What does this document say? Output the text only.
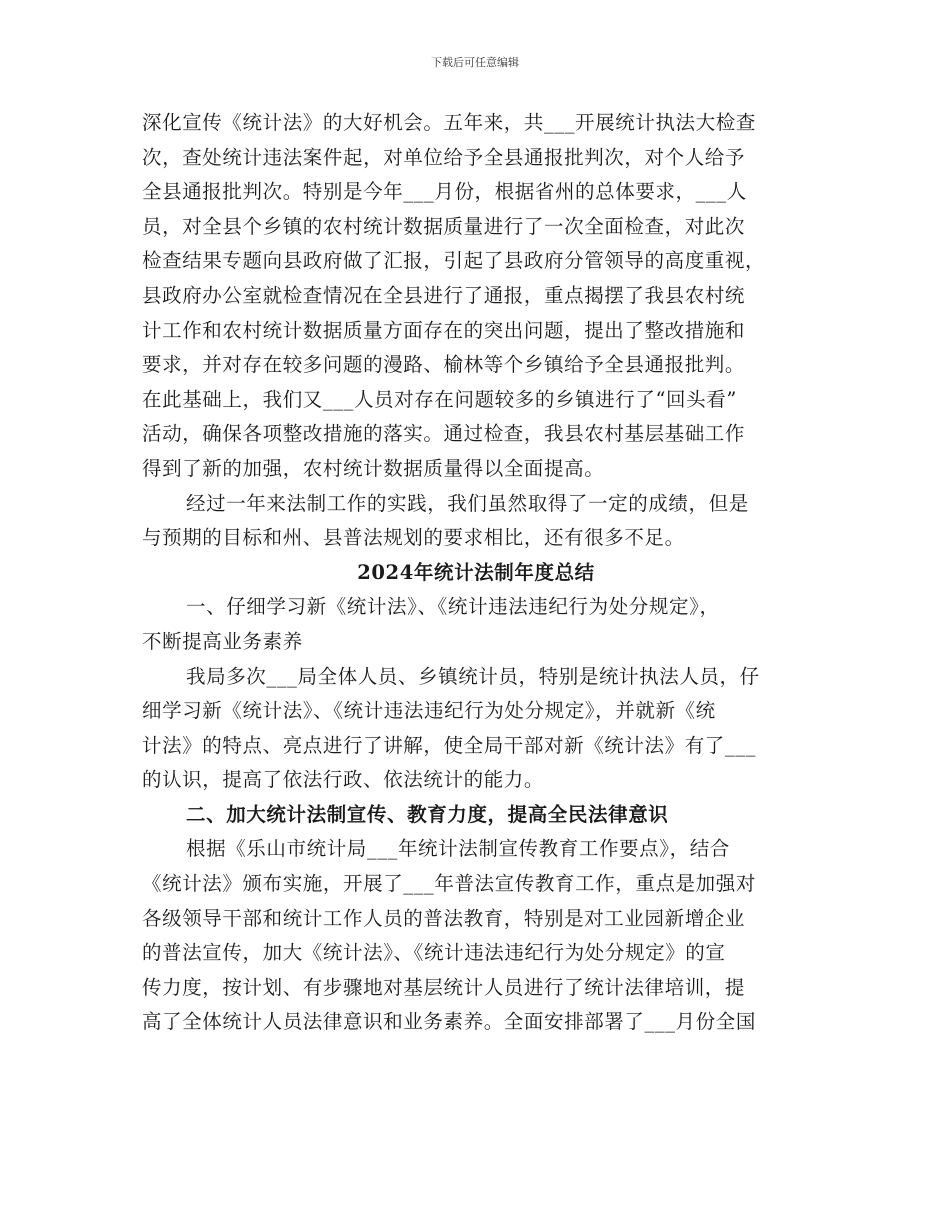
下载后可任意编辑
深化宣传《统计法》的大好机会。五年来，共___开展统计执法大检查
次，查处统计违法案件起，对单位给予全县通报批判次，对个人给予
全县通报批判次。特别是今年___月份，根据省州的总体要求，___人
员，对全县个乡镇的农村统计数据质量进行了一次全面检查，对此次
检查结果专题向县政府做了汇报，引起了县政府分管领导的高度重视，
县政府办公室就检查情况在全县进行了通报，重点揭摆了我县农村统
计工作和农村统计数据质量方面存在的突出问题，提出了整改措施和
要求，并对存在较多问题的漫路、榆林等个乡镇给予全县通报批判。
在此基础上，我们又___人员对存在问题较多的乡镇进行了“回头看”
活动，确保各项整改措施的落实。通过检查，我县农村基层基础工作
得到了新的加强，农村统计数据质量得以全面提高。
经过一年来法制工作的实践，我们虽然取得了一定的成绩，但是
与预期的目标和州、县普法规划的要求相比，还有很多不足。
2024年统计法制年度总结
一、仔细学习新《统计法》、《统计违法违纪行为处分规定》，
不断提高业务素养
我局多次___局全体人员、乡镇统计员，特别是统计执法人员，仔
细学习新《统计法》、《统计违法违纪行为处分规定》，并就新《统
计法》的特点、亮点进行了讲解，使全局干部对新《统计法》有了___
的认识，提高了依法行政、依法统计的能力。
二、加大统计法制宣传、教育力度，提高全民法律意识
根据《乐山市统计局___年统计法制宣传教育工作要点》，结合
《统计法》颁布实施，开展了___年普法宣传教育工作，重点是加强对
各级领导干部和统计工作人员的普法教育，特别是对工业园新增企业
的普法宣传，加大《统计法》、《统计违法违纪行为处分规定》的宣
传力度，按计划、有步骤地对基层统计人员进行了统计法律培训，提
高了全体统计人员法律意识和业务素养。全面安排部署了___月份全国
